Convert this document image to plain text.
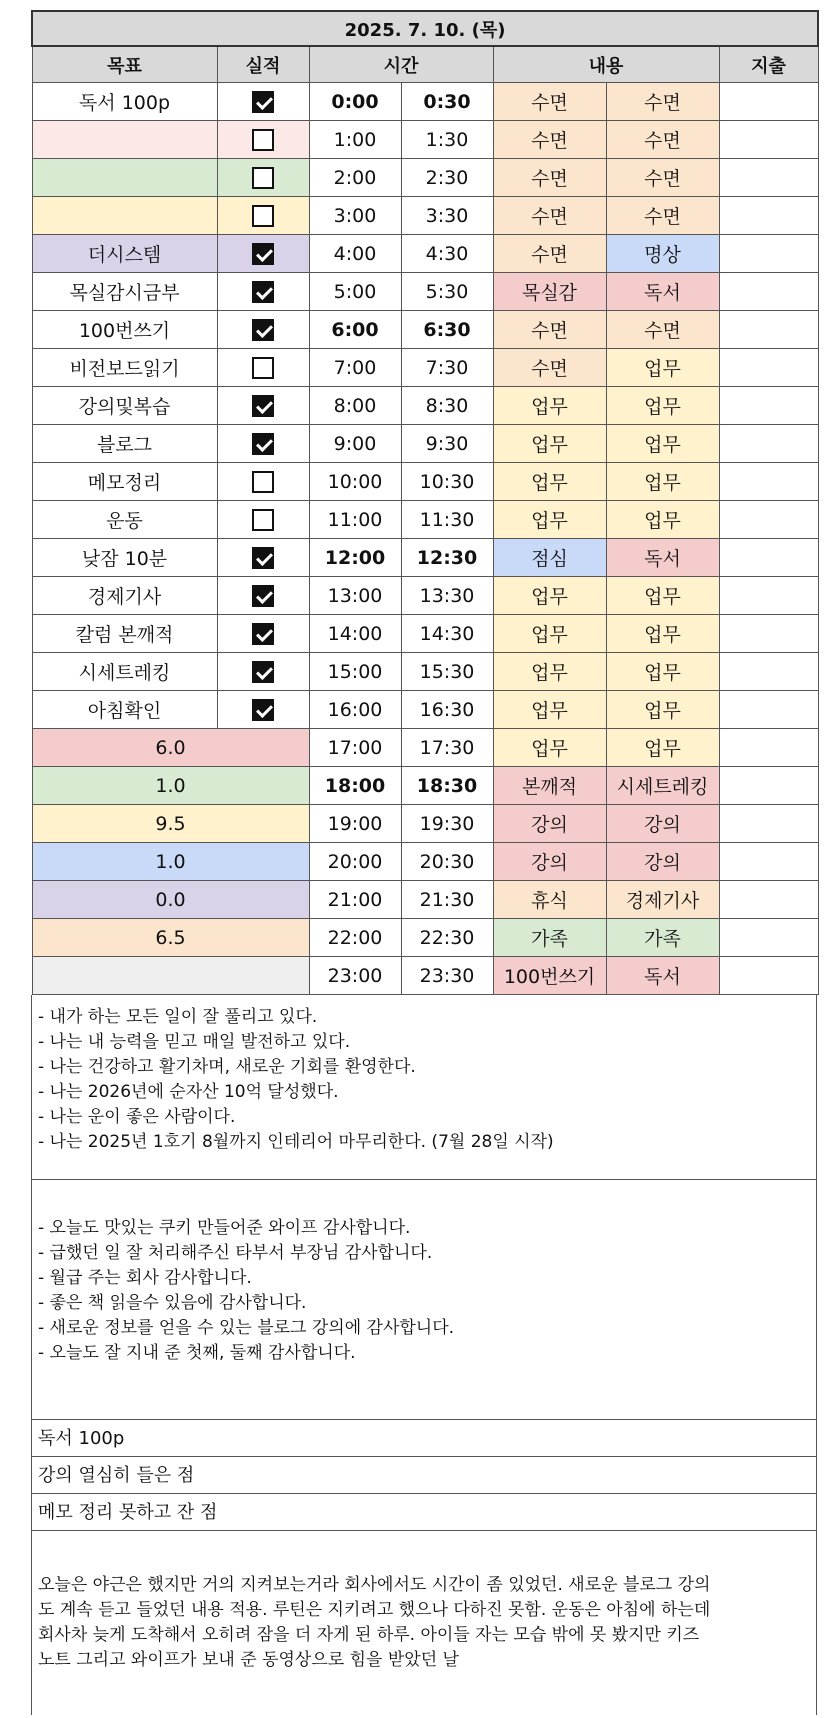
2025. 7. 10. (목)						
목표	실적	시간		내용		지출
독서 100p		0:00	0:30	수면	수면	
		1:00	1:30	수면	수면	
		2:00	2:30	수면	수면	
		3:00	3:30	수면	수면	
더시스템		4:00	4:30	수면	명상	
목실감시금부		5:00	5:30	목실감	독서	
100번쓰기		6:00	6:30	수면	수면	
비전보드읽기		7:00	7:30	수면	업무	
강의및복습		8:00	8:30	업무	업무	
블로그		9:00	9:30	업무	업무	
메모정리		10:00	10:30	업무	업무	
운동		11:00	11:30	업무	업무	
낮잠 10분		12:00	12:30	점심	독서	
경제기사		13:00	13:30	업무	업무	
칼럼 본깨적		14:00	14:30	업무	업무	
시세트레킹		15:00	15:30	업무	업무	
아침확인		16:00	16:30	업무	업무	
6.0		17:00	17:30	업무	업무	
1.0		18:00	18:30	본깨적	시세트레킹	
9.5		19:00	19:30	강의	강의	
1.0		20:00	20:30	강의	강의	
0.0		21:00	21:30	휴식	경제기사	
6.5		22:00	22:30	가족	가족	
		23:00	23:30	100번쓰기	독서	
- 내가 하는 모든 일이 잘 풀리고 있다.
- 나는 내 능력을 믿고 매일 발전하고 있다.
- 나는 건강하고 활기차며, 새로운 기회를 환영한다.
- 나는 2026년에 순자산 10억 달성했다.
- 나는 운이 좋은 사람이다.
- 나는 2025년 1호기 8월까지 인테리어 마무리한다. (7월 28일 시작)
- 오늘도 맛있는 쿠키 만들어준 와이프 감사합니다.
- 급했던 일 잘 처리해주신 타부서 부장님 감사합니다.
- 월급 주는 회사 감사합니다.
- 좋은 책 읽을수 있음에 감사합니다.
- 새로운 정보를 얻을 수 있는 블로그 강의에 감사합니다.
- 오늘도 잘 지내 준 첫째, 둘째 감사합니다.
독서 100p
강의 열심히 들은 점
메모 정리 못하고 잔 점
오늘은 야근은 했지만 거의 지켜보는거라 회사에서도 시간이 좀 있었던. 새로운 블로그 강의
도 계속 듣고 들었던 내용 적용. 루틴은 지키려고 했으나 다하진 못함. 운동은 아침에 하는데
회사차 늦게 도착해서 오히려 잠을 더 자게 된 하루. 아이들 자는 모습 밖에 못 봤지만 키즈
노트 그리고 와이프가 보내 준 동영상으로 힘을 받았던 날
